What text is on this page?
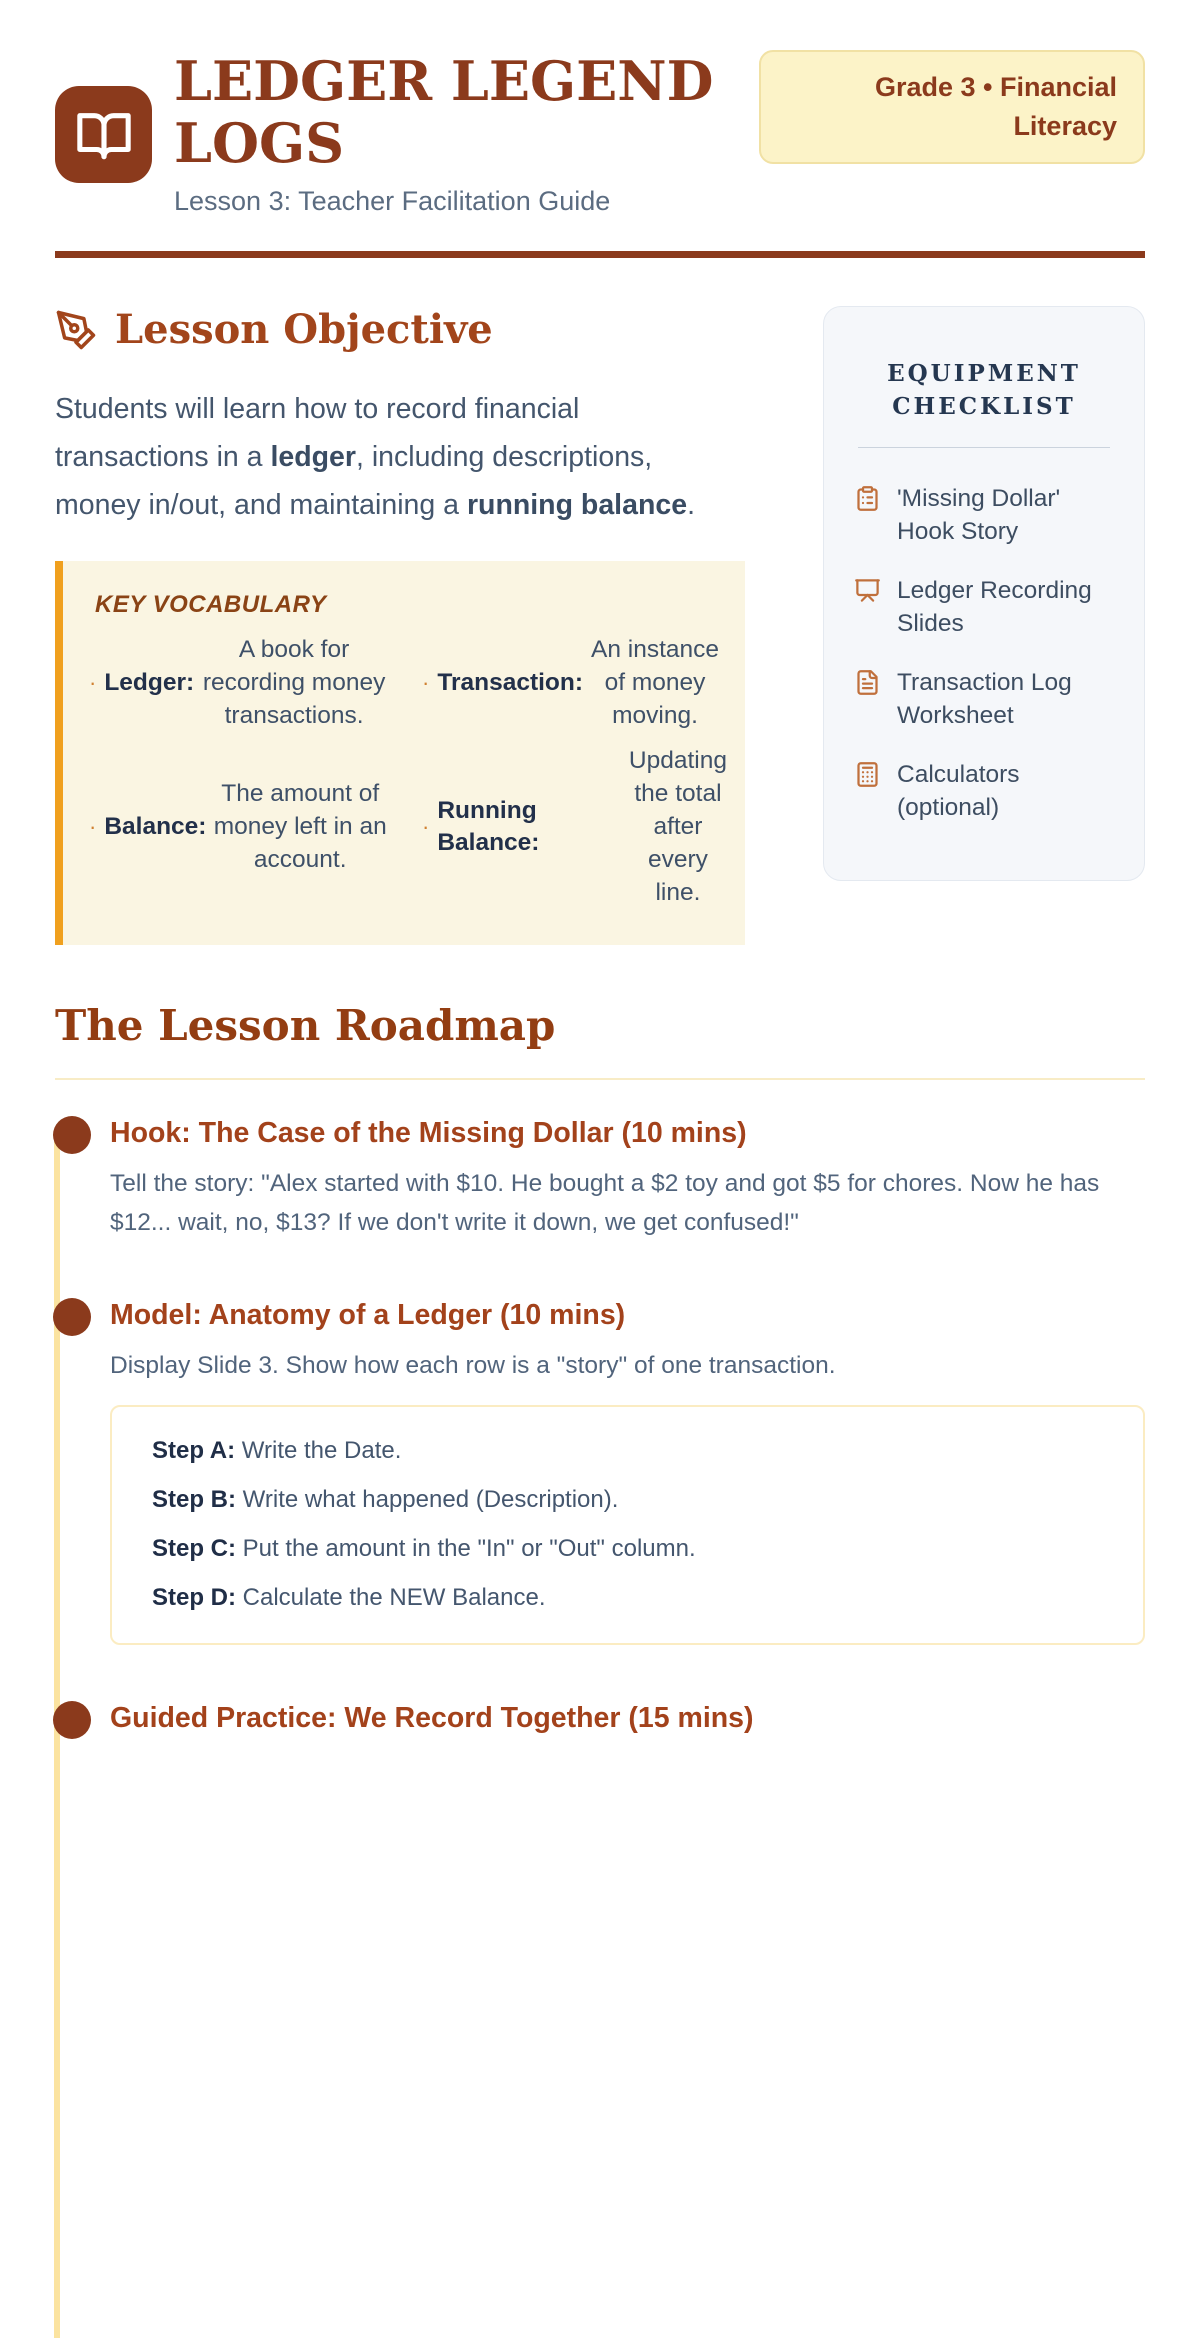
LEDGER LEGEND LOGS
Lesson 3: Teacher Facilitation Guide
Grade 3 • Financial Literacy
Lesson Objective

Students will learn how to record financial transactions in a ledger, including descriptions, money in/out, and maintaining a running balance.

KEY VOCABULARY
· Ledger:
A book for recording money transactions.
· Transaction:
An instance of money moving.
· Balance:
The amount of money left in an account.
·
Running Balance:
Updating the total after every line.
EQUIPMENT CHECKLIST
'Missing Dollar' Hook Story
Ledger Recording Slides
Transaction Log Worksheet
Calculators (optional)
The Lesson Roadmap
Hook: The Case of the Missing Dollar (10 mins)

Tell the story: "Alex started with $10. He bought a $2 toy and got $5 for chores. Now he has $12... wait, no, $13? If we don't write it down, we get confused!"

Model: Anatomy of a Ledger (10 mins)

Display Slide 3. Show how each row is a "story" of one transaction.

Step A: Write the Date.

Step B: Write what happened (Description).

Step C: Put the amount in the "In" or "Out" column.

Step D: Calculate the NEW Balance.

Guided Practice: We Record Together (15 mins)
